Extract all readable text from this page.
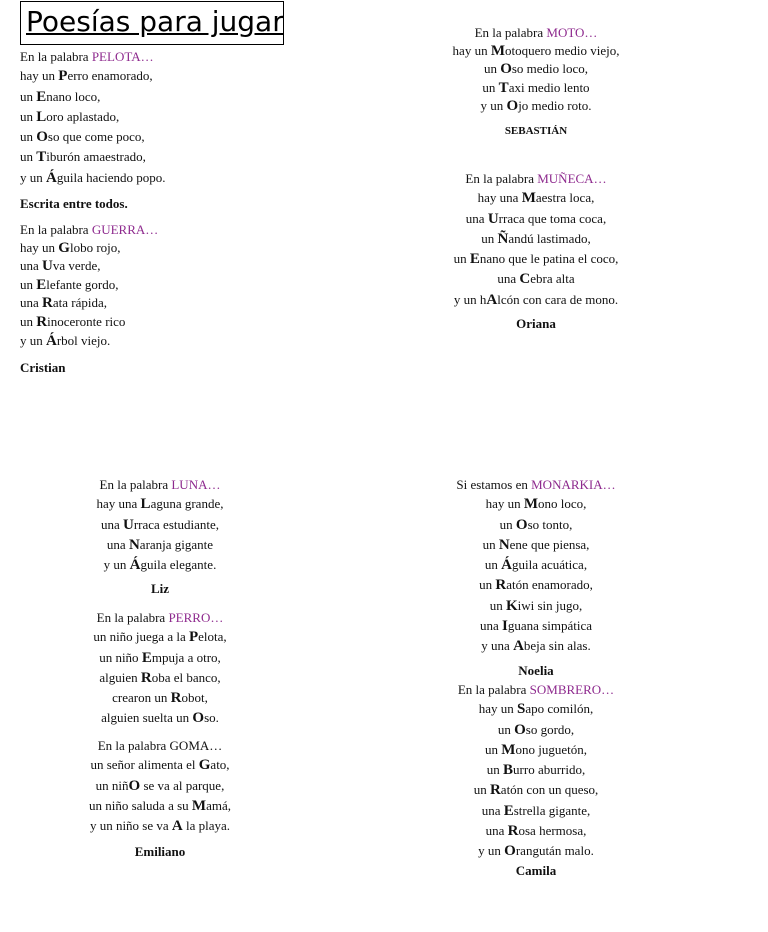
Poesías para jugar
En la palabra PELOTA…
hay un Perro enamorado,
un Enano loco,
un Loro aplastado,
un Oso que come poco,
un Tiburón amaestrado,
y un Águila haciendo popo.
Escrita entre todos.
En la palabra GUERRA…
hay un Globo rojo,
una Uva verde,
un Elefante gordo,
una Rata rápida,
un Rinoceronte rico
y un Árbol viejo.
Cristian
En la palabra MOTO…
hay un Motoquero medio viejo,
un Oso medio loco,
un Taxi medio lento
y un Ojo medio roto.
SEBASTIÁN
En la palabra MUÑECA…
hay una Maestra loca,
una Urraca que toma coca,
un Ñandú lastimado,
un Enano que le patina el coco,
una Cebra alta
y un hAlcón con cara de mono.
Oriana
En la palabra LUNA…
hay una Laguna grande,
una Urraca estudiante,
una Naranja gigante
y un Águila elegante.
Liz
En la palabra PERRO…
un niño juega a la Pelota,
un niño Empuja a otro,
alguien Roba el banco,
crearon un Robot,
alguien suelta un Oso.
En la palabra GOMA…
un señor alimenta el Gato,
un niñO se va al parque,
un niño saluda a su Mamá,
y un niño se va A la playa.
Emiliano
Si estamos en MONARKIA…
hay un Mono loco,
un Oso tonto,
un Nene que piensa,
un Águila acuática,
un Ratón enamorado,
un Kiwi sin jugo,
una Iguana simpática
y una Abeja sin alas.
Noelia
En la palabra SOMBRERO…
hay un Sapo comilón,
un Oso gordo,
un Mono juguetón,
un Burro aburrido,
un Ratón con un queso,
una Estrella gigante,
una Rosa hermosa,
y un Orangután malo.
Camila
